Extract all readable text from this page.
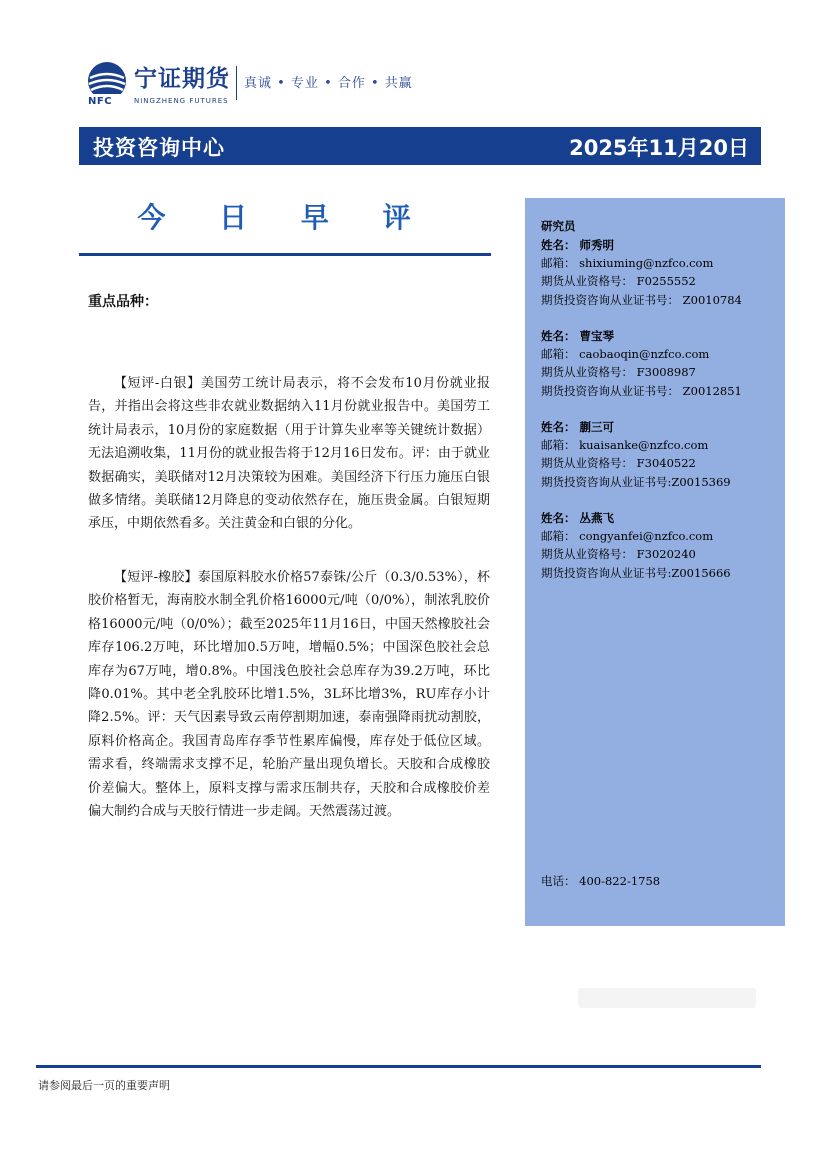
宁证期货
NFC	NINGZHENG FUTURES
真诚 • 专业 • 合作 • 共赢
投资咨询中心	2025年11月20日
今 日 早 评
重点品种：

【短评-白银】美国劳工统计局表示，将不会发布10月份就业报告，并指出会将这些非农就业数据纳入11月份就业报告中。美国劳工统计局表示，10月份的家庭数据（用于计算失业率等关键统计数据）无法追溯收集，11月份的就业报告将于12月16日发布。评：由于就业数据确实，美联储对12月决策较为困难。美国经济下行压力施压白银做多情绪。美联储12月降息的变动依然存在，施压贵金属。白银短期承压，中期依然看多。关注黄金和白银的分化。

【短评-橡胶】泰国原料胶水价格57泰铢/公斤（0.3/0.53%），杯胶价格暂无，海南胶水制全乳价格16000元/吨（0/0%），制浓乳胶价格16000元/吨（0/0%）；截至2025年11月16日，中国天然橡胶社会库存106.2万吨，环比增加0.5万吨，增幅0.5%；中国深色胶社会总库存为67万吨，增0.8%。中国浅色胶社会总库存为39.2万吨，环比降0.01%。其中老全乳胶环比增1.5%，3L环比增3%，RU库存小计降2.5%。评：天气因素导致云南停割期加速，泰南强降雨扰动割胶，原料价格高企。我国青岛库存季节性累库偏慢，库存处于低位区域。需求看，终端需求支撑不足，轮胎产量出现负增长。天胶和合成橡胶价差偏大。整体上，原料支撑与需求压制共存，天胶和合成橡胶价差偏大制约合成与天胶行情进一步走阔。天然震荡过渡。

研究员
姓名： 师秀明
邮箱： shixiuming@nzfco.com
期货从业资格号： F0255552
期货投资咨询从业证书号： Z0010784
姓名： 曹宝琴
邮箱： caobaoqin@nzfco.com
期货从业资格号： F3008987
期货投资咨询从业证书号： Z0012851
姓名： 蒯三可
邮箱： kuaisanke@nzfco.com
期货从业资格号： F3040522
期货投资咨询从业证书号:Z0015369
姓名： 丛燕飞
邮箱： congyanfei@nzfco.com
期货从业资格号： F3020240
期货投资咨询从业证书号:Z0015666
电话： 400-822-1758
请参阅最后一页的重要声明
